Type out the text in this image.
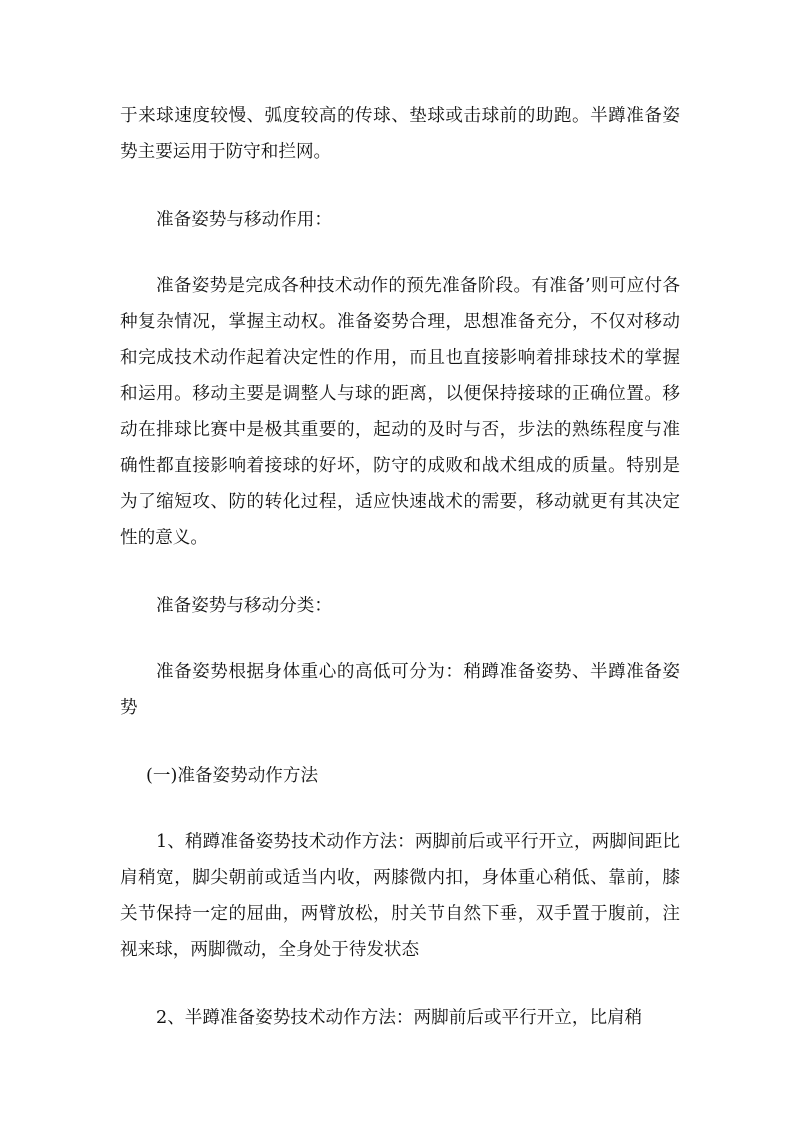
于来球速度较慢、弧度较高的传球、垫球或击球前的助跑。半蹲准备姿势主要运用于防守和拦网。

准备姿势与移动作用：

准备姿势是完成各种技术动作的预先准备阶段。有准备’则可应付各种复杂情况，掌握主动权。准备姿势合理，思想准备充分，不仅对移动和完成技术动作起着决定性的作用，而且也直接影响着排球技术的掌握和运用。移动主要是调整人与球的距离，以便保持接球的正确位置。移动在排球比赛中是极其重要的，起动的及时与否，步法的熟练程度与准确性都直接影响着接球的好坏，防守的成败和战术组成的质量。特别是为了缩短攻、防的转化过程，适应快速战术的需要，移动就更有其决定性的意义。

准备姿势与移动分类：

准备姿势根据身体重心的高低可分为：稍蹲准备姿势、半蹲准备姿势

(一)准备姿势动作方法

1、稍蹲准备姿势技术动作方法：两脚前后或平行开立，两脚间距比肩稍宽，脚尖朝前或适当内收，两膝微内扣，身体重心稍低、靠前，膝关节保持一定的屈曲，两臂放松，肘关节自然下垂，双手置于腹前，注视来球，两脚微动，全身处于待发状态

2、半蹲准备姿势技术动作方法：两脚前后或平行开立，比肩稍
